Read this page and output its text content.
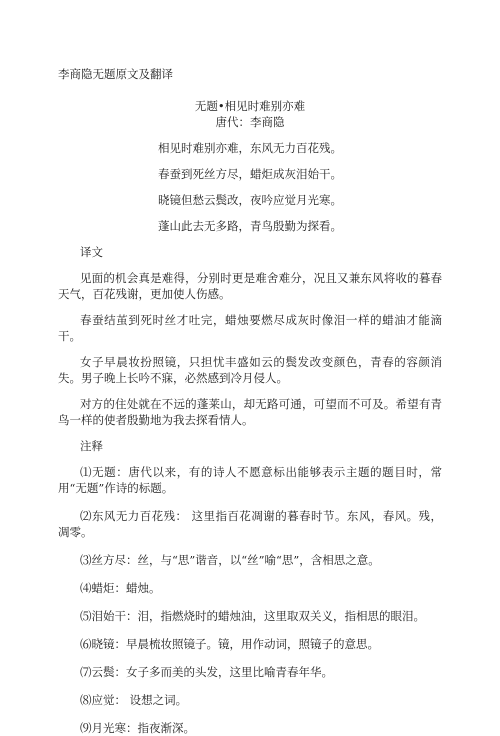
李商隐无题原文及翻译

无题•相见时难别亦难

唐代：李商隐

相见时难别亦难，东风无力百花残。

春蚕到死丝方尽，蜡炬成灰泪始干。

晓镜但愁云鬓改，夜吟应觉月光寒。

蓬山此去无多路，青鸟殷勤为探看。

译文

见面的机会真是难得，分别时更是难舍难分，况且又兼东风将收的暮春天气，百花残谢，更加使人伤感。

春蚕结茧到死时丝才吐完，蜡烛要燃尽成灰时像泪一样的蜡油才能滴干。

女子早晨妆扮照镜，只担忧丰盛如云的鬓发改变颜色，青春的容颜消失。男子晚上长吟不寐，必然感到冷月侵人。

对方的住处就在不远的蓬莱山，却无路可通，可望而不可及。希望有青鸟一样的使者殷勤地为我去探看情人。

注释

⑴无题：唐代以来，有的诗人不愿意标出能够表示主题的题目时，常用“无题”作诗的标题。

⑵东风无力百花残： 这里指百花凋谢的暮春时节。东风，春风。残， 凋零。

⑶丝方尽：丝，与“思”谐音，以“丝”喻“思”，含相思之意。

⑷蜡炬：蜡烛。

⑸泪始干：泪，指燃烧时的蜡烛油，这里取双关义，指相思的眼泪。

⑹晓镜：早晨梳妆照镜子。镜，用作动词，照镜子的意思。

⑺云鬓：女子多而美的头发，这里比喻青春年华。

⑻应觉： 设想之词。

⑼月光寒：指夜渐深。
